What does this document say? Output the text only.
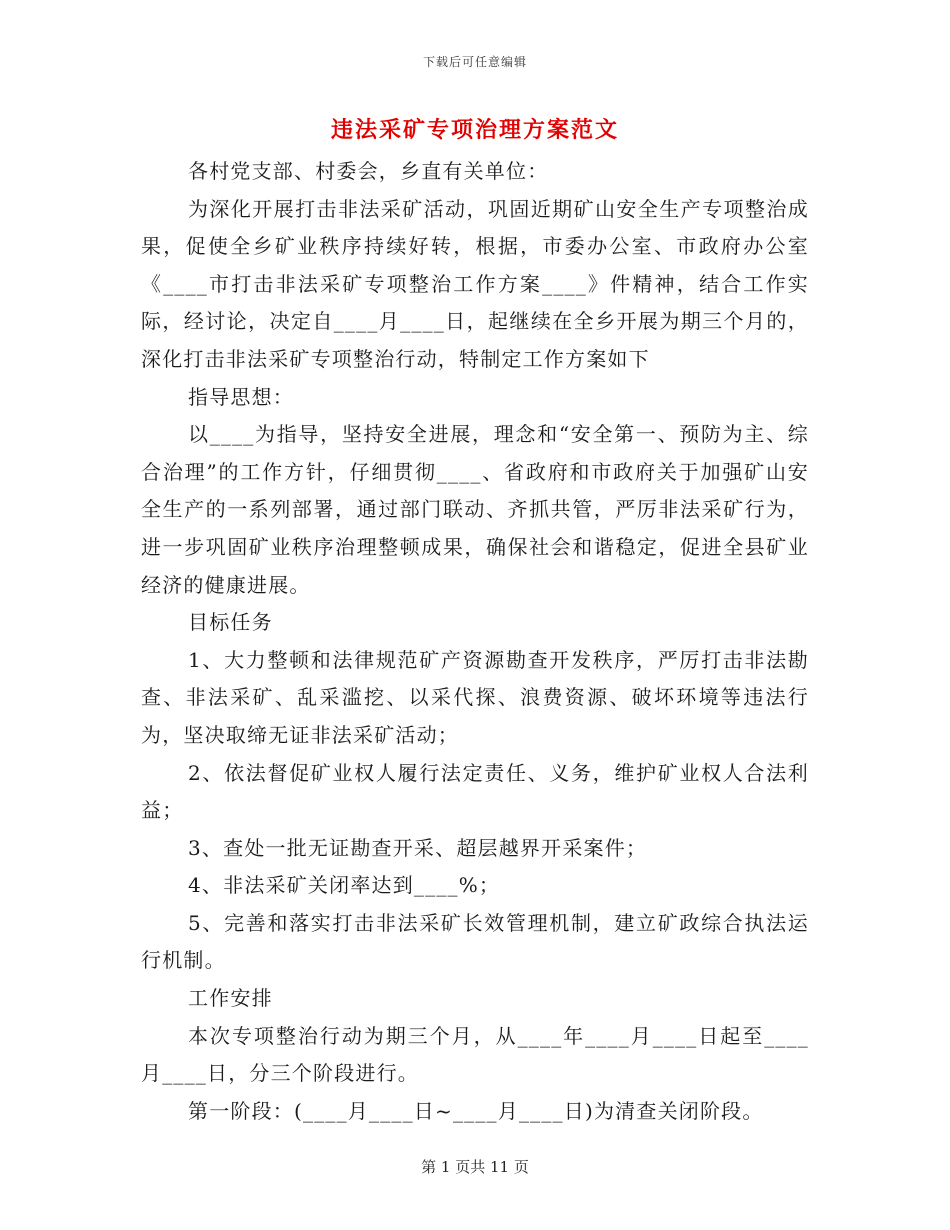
下载后可任意编辑
违法采矿专项治理方案范文

各村党支部、村委会，乡直有关单位：

为深化开展打击非法采矿活动，巩固近期矿山安全生产专项整治成果，促使全乡矿业秩序持续好转，根据，市委办公室、市政府办公室《____市打击非法采矿专项整治工作方案____》件精神，结合工作实际，经讨论，决定自____月____日，起继续在全乡开展为期三个月的，深化打击非法采矿专项整治行动，特制定工作方案如下

指导思想：

以____为指导，坚持安全进展，理念和“安全第一、预防为主、综合治理”的工作方针，仔细贯彻____、省政府和市政府关于加强矿山安全生产的一系列部署，通过部门联动、齐抓共管，严厉非法采矿行为，进一步巩固矿业秩序治理整顿成果，确保社会和谐稳定，促进全县矿业经济的健康进展。

目标任务

1、大力整顿和法律规范矿产资源勘查开发秩序，严厉打击非法勘查、非法采矿、乱采滥挖、以采代探、浪费资源、破坏环境等违法行为，坚决取缔无证非法采矿活动；

2、依法督促矿业权人履行法定责任、义务，维护矿业权人合法利益；

3、查处一批无证勘查开采、超层越界开采案件；

4、非法采矿关闭率达到____%；

5、完善和落实打击非法采矿长效管理机制，建立矿政综合执法运行机制。

工作安排

本次专项整治行动为期三个月，从____年____月____日起至____月____日，分三个阶段进行。

第一阶段：(____月____日~____月____日)为清查关闭阶段。

第 1 页共 11 页
